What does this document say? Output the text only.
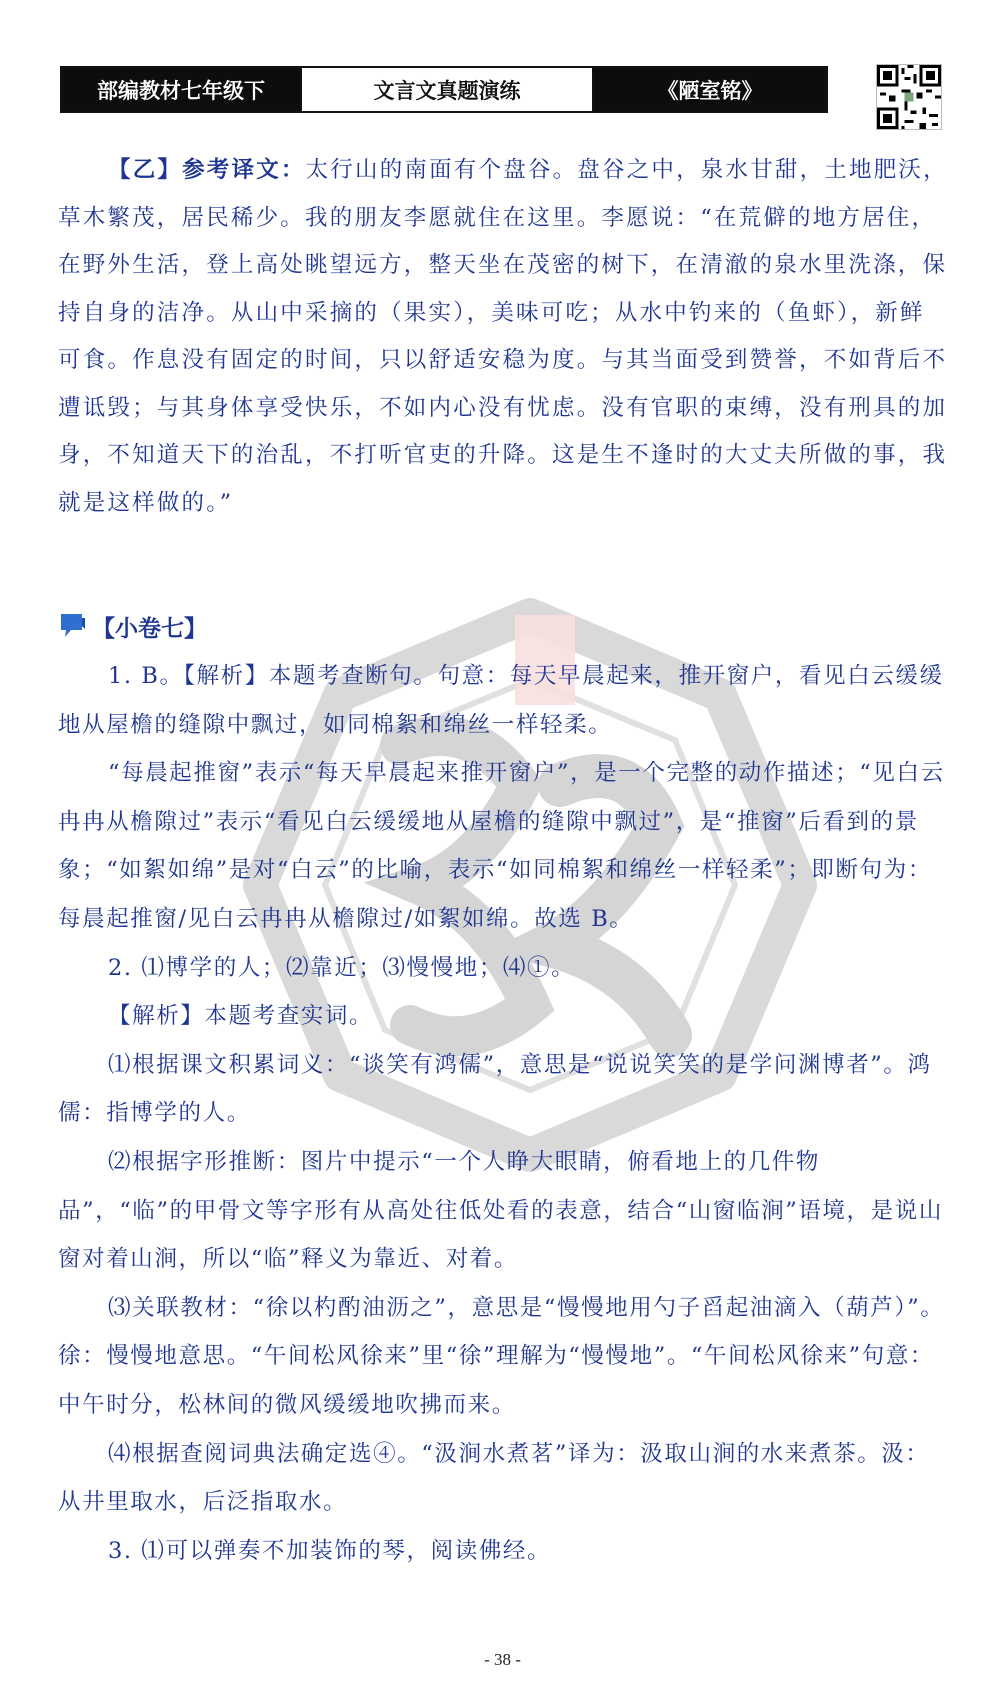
部编教材七年级下	文言文真题演练	《陋室铭》

【乙】参考译文：太行山的南面有个盘谷。盘谷之中，泉水甘甜，土地肥沃，草木繁茂，居民稀少。我的朋友李愿就住在这里。李愿说：“在荒僻的地方居住，在野外生活，登上高处眺望远方，整天坐在茂密的树下，在清澈的泉水里洗涤，保持自身的洁净。从山中采摘的（果实），美味可吃；从水中钓来的（鱼虾），新鲜可食。作息没有固定的时间，只以舒适安稳为度。与其当面受到赞誉，不如背后不遭诋毁；与其身体享受快乐，不如内心没有忧虑。没有官职的束缚，没有刑具的加身，不知道天下的治乱，不打听官吏的升降。这是生不逢时的大丈夫所做的事，我就是这样做的。”

【小卷七】

1. B。【解析】本题考查断句。句意：每天早晨起来，推开窗户，看见白云缓缓地从屋檐的缝隙中飘过，如同棉絮和绵丝一样轻柔。

“每晨起推窗”表示“每天早晨起来推开窗户”，是一个完整的动作描述；“见白云冉冉从檐隙过”表示“看见白云缓缓地从屋檐的缝隙中飘过”，是“推窗”后看到的景象；“如絮如绵”是对“白云”的比喻，表示“如同棉絮和绵丝一样轻柔”；即断句为：每晨起推窗/见白云冉冉从檐隙过/如絮如绵。故选 B。

2. ⑴博学的人；⑵靠近；⑶慢慢地；⑷①。

【解析】本题考查实词。

⑴根据课文积累词义：“谈笑有鸿儒”，意思是“说说笑笑的是学问渊博者”。鸿儒：指博学的人。

⑵根据字形推断：图片中提示“一个人睁大眼睛，俯看地上的几件物品”，“临”的甲骨文等字形有从高处往低处看的表意，结合“山窗临涧”语境，是说山窗对着山涧，所以“临”释义为靠近、对着。

⑶关联教材：“徐以杓酌油沥之”，意思是“慢慢地用勺子舀起油滴入（葫芦）”。徐：慢慢地意思。“午间松风徐来”里“徐”理解为“慢慢地”。“午间松风徐来”句意：中午时分，松林间的微风缓缓地吹拂而来。

⑷根据查阅词典法确定选④。“汲涧水煮茗”译为：汲取山涧的水来煮茶。汲：从井里取水，后泛指取水。

3. ⑴可以弹奏不加装饰的琴，阅读佛经。

- 38 -
